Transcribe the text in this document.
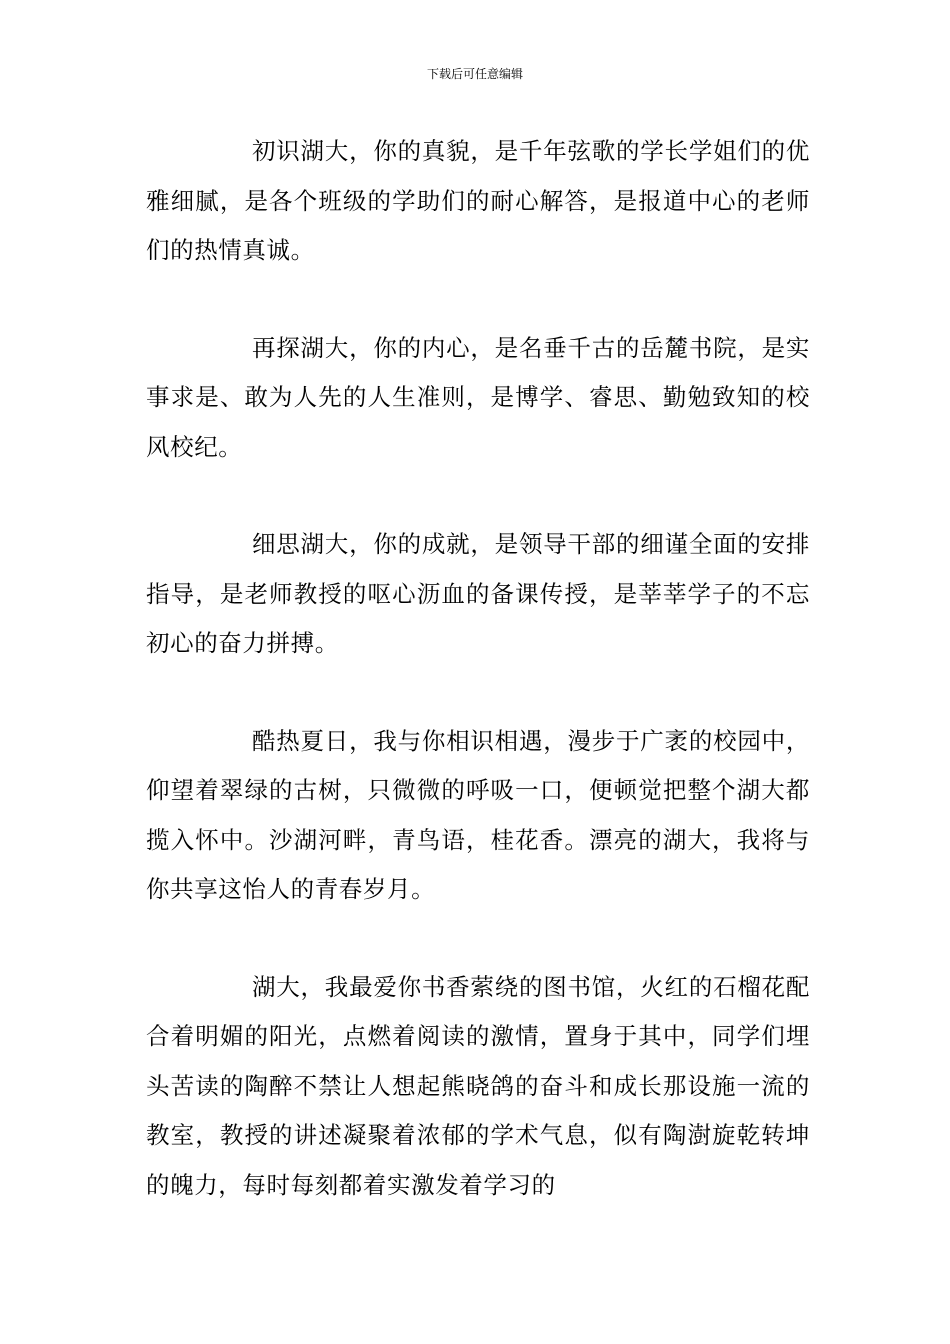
下载后可任意编辑

初识湖大，你的真貌，是千年弦歌的学长学姐们的优雅细腻，是各个班级的学助们的耐心解答，是报道中心的老师们的热情真诚。

再探湖大，你的内心，是名垂千古的岳麓书院，是实事求是、敢为人先的人生准则，是博学、睿思、勤勉致知的校风校纪。

细思湖大，你的成就，是领导干部的细谨全面的安排指导，是老师教授的呕心沥血的备课传授，是莘莘学子的不忘初心的奋力拼搏。

酷热夏日，我与你相识相遇，漫步于广袤的校园中，仰望着翠绿的古树，只微微的呼吸一口，便顿觉把整个湖大都揽入怀中。沙湖河畔，青鸟语，桂花香。漂亮的湖大，我将与你共享这怡人的青春岁月。

湖大，我最爱你书香萦绕的图书馆，火红的石榴花配合着明媚的阳光，点燃着阅读的激情，置身于其中，同学们埋头苦读的陶醉不禁让人想起熊晓鸽的奋斗和成长那设施一流的教室，教授的讲述凝聚着浓郁的学术气息，似有陶澍旋乾转坤的魄力，每时每刻都着实激发着学习的
